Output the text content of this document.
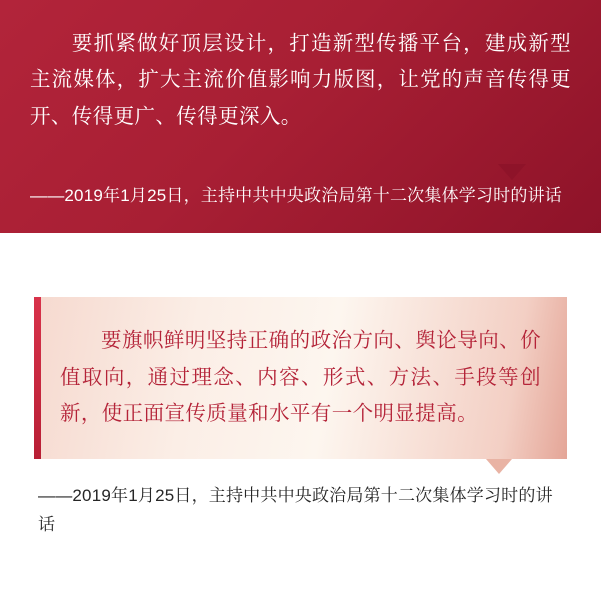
要抓紧做好顶层设计，打造新型传播平台，建成新型主流媒体，扩大主流价值影响力版图，让党的声音传得更开、传得更广、传得更深入。
——2019年1月25日，主持中共中央政治局第十二次集体学习时的讲话
要旗帜鲜明坚持正确的政治方向、舆论导向、价值取向，通过理念、内容、形式、方法、手段等创新，使正面宣传质量和水平有一个明显提高。
——2019年1月25日，主持中共中央政治局第十二次集体学习时的讲话
